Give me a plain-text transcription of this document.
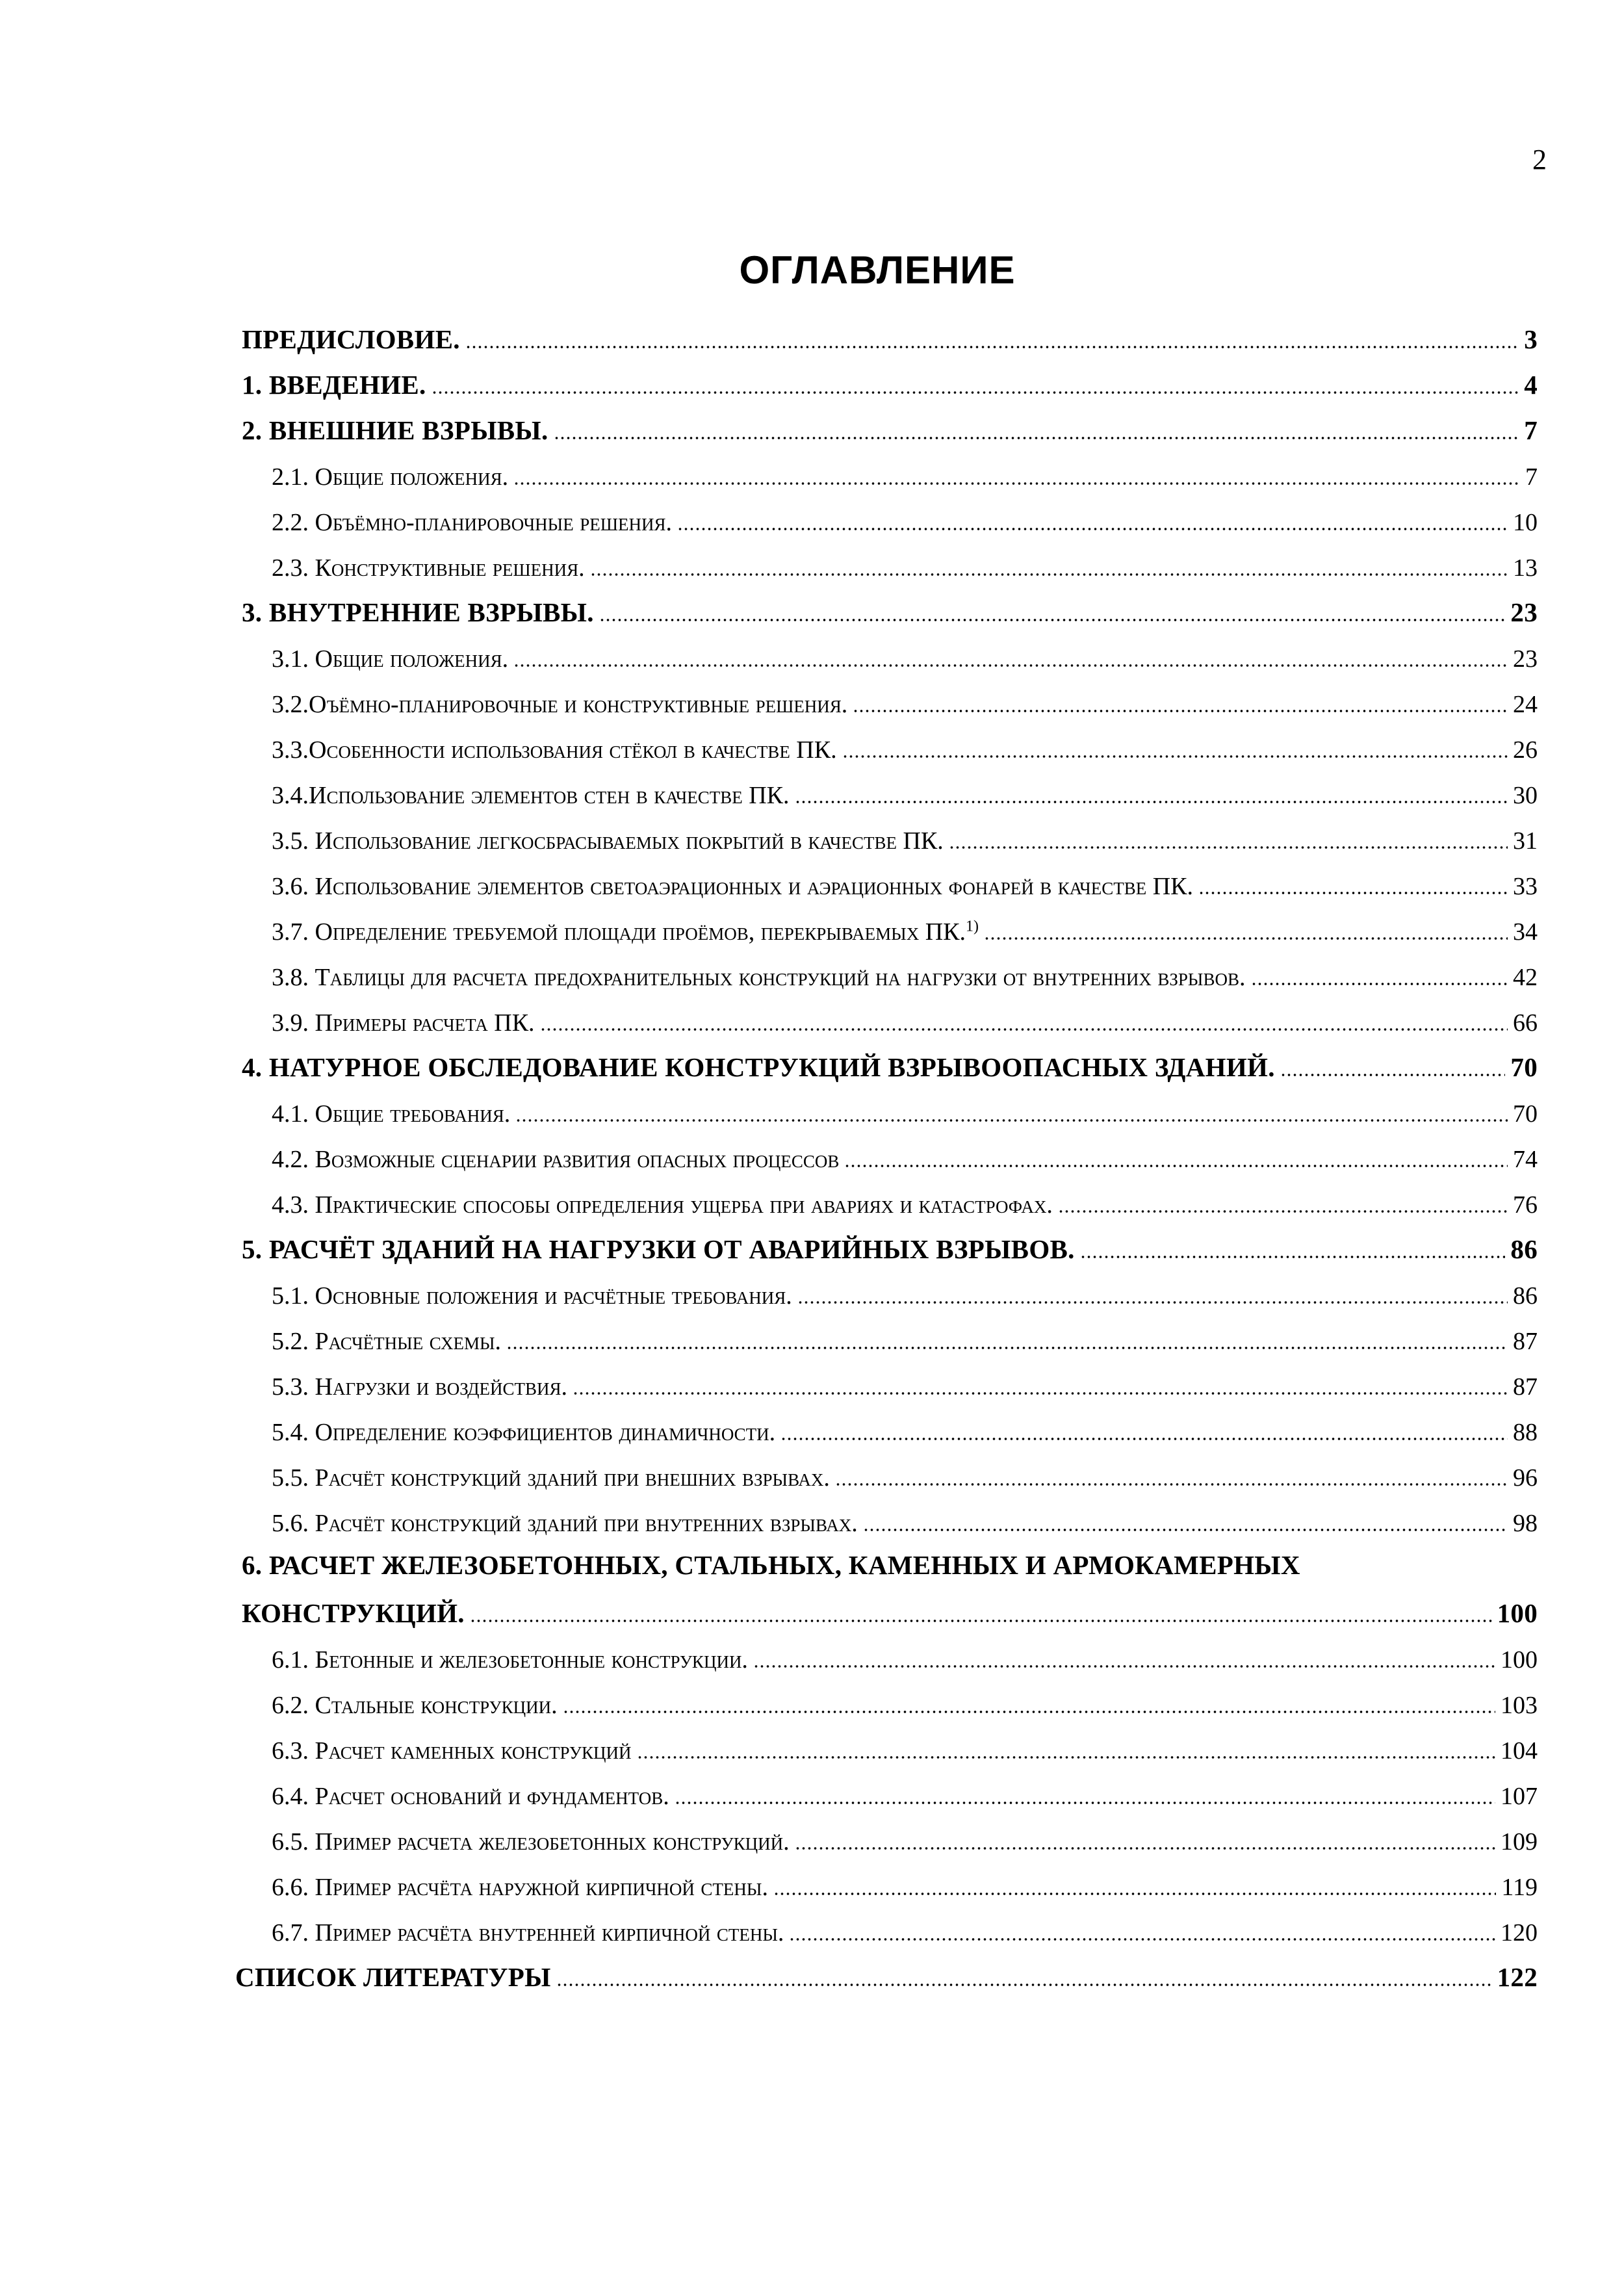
2
ОГЛАВЛЕНИЕ
ПРЕДИСЛОВИЕ.	3
1. ВВЕДЕНИЕ.	4
2. ВНЕШНИЕ ВЗРЫВЫ.	7
2.1. Общие положения.	7
2.2. Объёмно-планировочные решения.	10
2.3. Конструктивные решения.	13
3. ВНУТРЕННИЕ ВЗРЫВЫ.	23
3.1. Общие положения.	23
3.2.Оъёмно-планировочные и конструктивные решения.	24
3.3.Особенности использования стёкол в качестве ПК.	26
3.4.Использование элементов стен в качестве ПК.	30
3.5. Использование легкосбрасываемых покрытий в качестве ПК.	31
3.6. Использование элементов светоаэрационных и аэрационных фонарей в качестве ПК.	33
3.7. Определение требуемой площади проёмов, перекрываемых ПК.$^{1)}$	34
3.8. Таблицы для расчета предохранительных конструкций на нагрузки от внутренних взрывов.	42
3.9. Примеры расчета ПК.	66
4. НАТУРНОЕ ОБСЛЕДОВАНИЕ КОНСТРУКЦИЙ ВЗРЫВООПАСНЫХ ЗДАНИЙ.	70
4.1. Общие требования.	70
4.2. Возможные сценарии развития опасных процессов	74
4.3. Практические способы определения ущерба при авариях и катастрофах.	76
5. РАСЧЁТ ЗДАНИЙ НА НАГРУЗКИ ОТ АВАРИЙНЫХ ВЗРЫВОВ.	86
5.1. Основные положения и расчётные требования.	86
5.2. Расчётные схемы.	87
5.3. Нагрузки и воздействия.	87
5.4. Определение коэффициентов динамичности.	88
5.5. Расчёт конструкций зданий при внешних взрывах.	96
5.6. Расчёт конструкций зданий при внутренних взрывах.	98
6. РАСЧЕТ ЖЕЛЕЗОБЕТОННЫХ, СТАЛЬНЫХ, КАМЕННЫХ И АРМОКАМЕРНЫХ
КОНСТРУКЦИЙ.	100
6.1. Бетонные и железобетонные конструкции.	100
6.2. Стальные конструкции.	103
6.3. Расчет каменных конструкций	104
6.4. Расчет оснований и фундаментов.	107
6.5. Пример расчета железобетонных конструкций.	109
6.6. Пример расчёта наружной кирпичной стены.	119
6.7. Пример расчёта внутренней кирпичной стены.	120
СПИСОК ЛИТЕРАТУРЫ	122
